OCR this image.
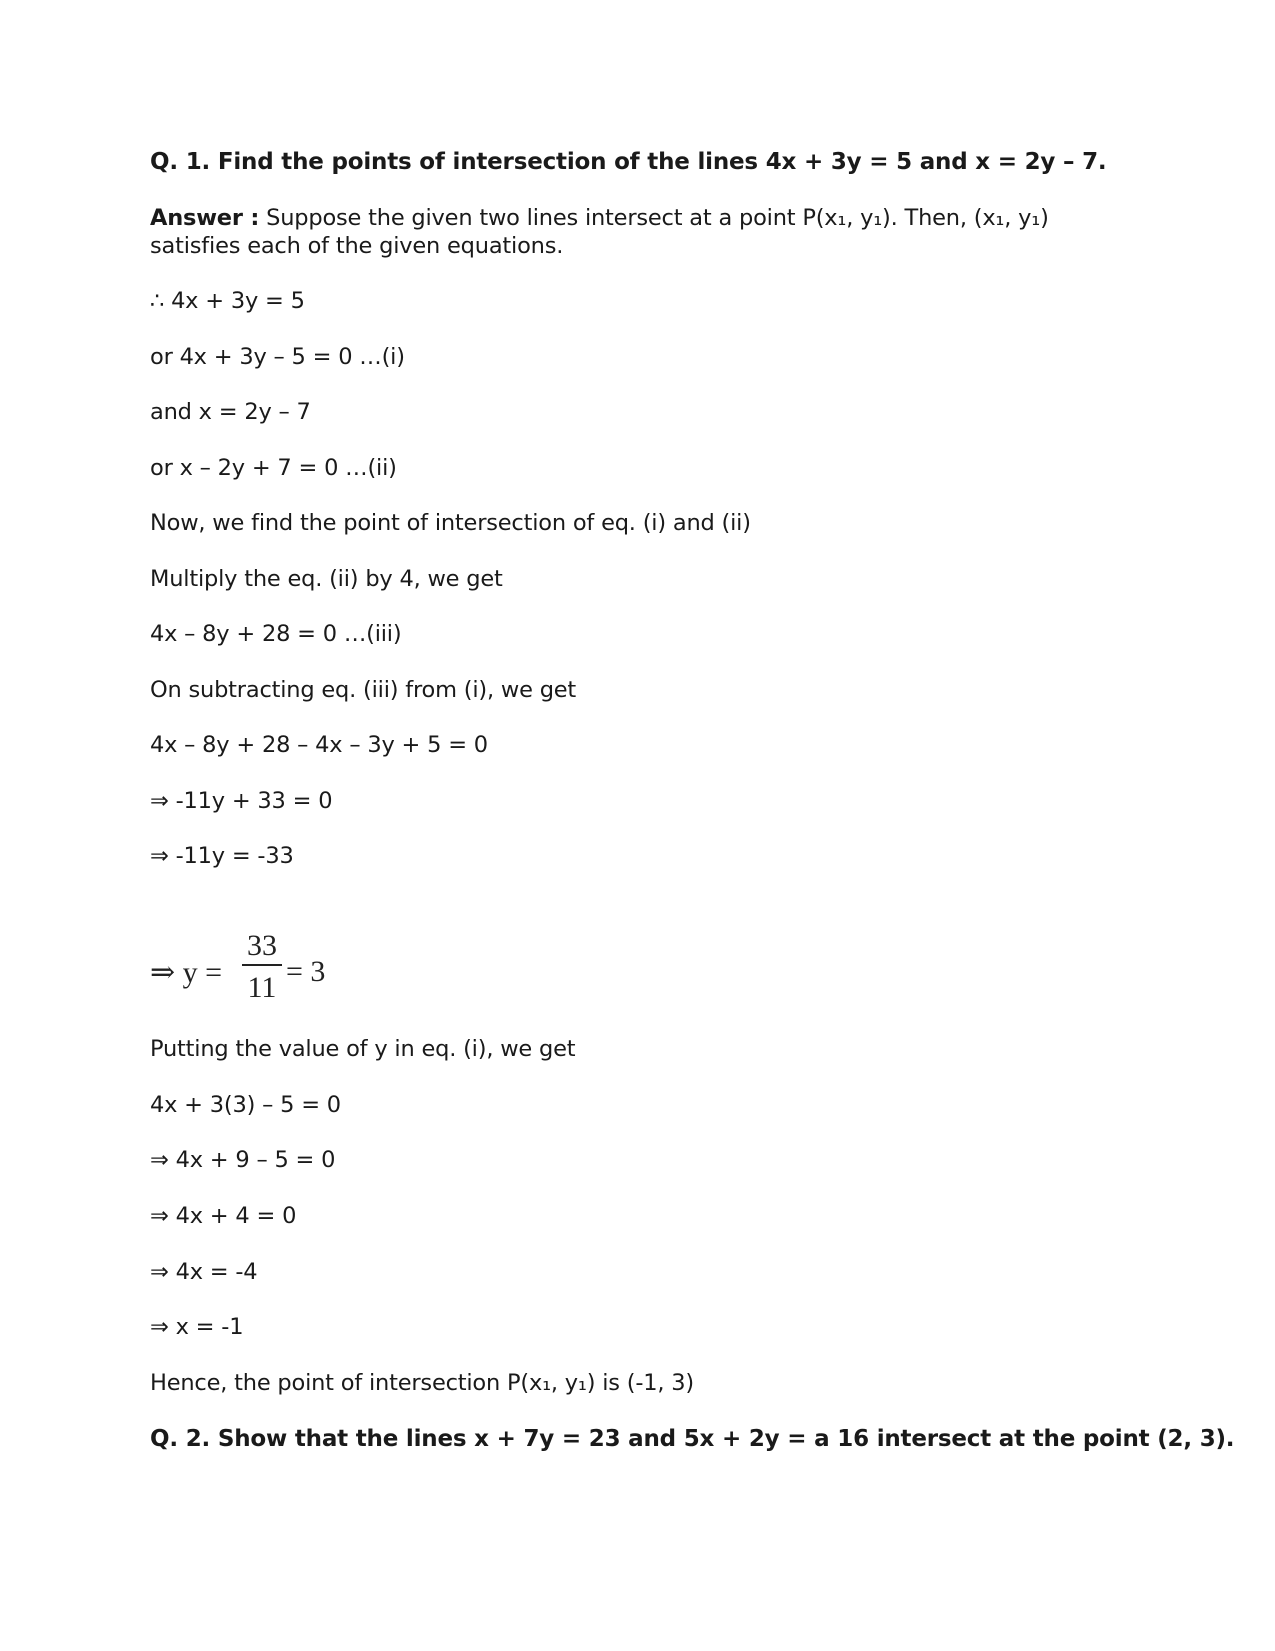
Q. 1. Find the points of intersection of the lines 4x + 3y = 5 and x = 2y – 7.
Answer : Suppose the given two lines intersect at a point P(x₁, y₁). Then, (x₁, y₁)
satisfies each of the given equations.
∴ 4x + 3y = 5
or 4x + 3y – 5 = 0 …(i)
and x = 2y – 7
or x – 2y + 7 = 0 …(ii)
Now, we find the point of intersection of eq. (i) and (ii)
Multiply the eq. (ii) by 4, we get
4x – 8y + 28 = 0 …(iii)
On subtracting eq. (iii) from (i), we get
4x – 8y + 28 – 4x – 3y + 5 = 0
⇒ -11y + 33 = 0
⇒ -11y = -33
⇒ y =
33
11 = 3
Putting the value of y in eq. (i), we get
4x + 3(3) – 5 = 0
⇒ 4x + 9 – 5 = 0
⇒ 4x + 4 = 0
⇒ 4x = -4
⇒ x = -1
Hence, the point of intersection P(x₁, y₁) is (-1, 3)
Q. 2. Show that the lines x + 7y = 23 and 5x + 2y = a 16 intersect at the point (2, 3).
